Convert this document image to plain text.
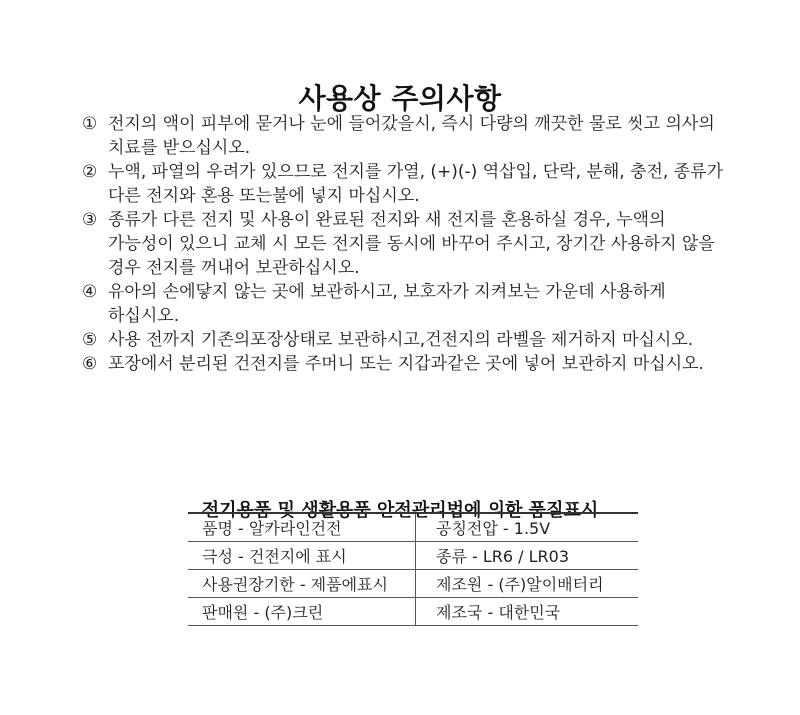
사용상 주의사항
① 전지의 액이 피부에 묻거나 눈에 들어갔을시, 즉시 다량의 깨끗한 물로 씻고 의사의 치료를 받으십시오.
② 누액, 파열의 우려가 있으므로 전지를 가열, (+)(-) 역삽입, 단락, 분해, 충전, 종류가 다른 전지와 혼용 또는불에 넣지 마십시오.
③ 종류가 다른 전지 및 사용이 완료된 전지와 새 전지를 혼용하실 경우, 누액의 가능성이 있으니 교체 시 모든 전지를 동시에 바꾸어 주시고, 장기간 사용하지 않을 경우 전지를 꺼내어 보관하십시오.
④ 유아의 손에닿지 않는 곳에 보관하시고, 보호자가 지켜보는 가운데 사용하게 하십시오.
⑤ 사용 전까지 기존의포장상태로 보관하시고,건전지의 라벨을 제거하지 마십시오.
⑥ 포장에서 분리된 건전지를 주머니 또는 지갑과같은 곳에 넣어 보관하지 마십시오.
전기용품 및 생활용품 안전관리법에 의한 품질표시
품명 - 알카라인건전	공칭전압 - 1.5V
극성 - 건전지에 표시	종류 - LR6 / LR03
사용권장기한 - 제품에표시	제조원 - (주)알이배터리
판매원 - (주)크린	제조국 - 대한민국
